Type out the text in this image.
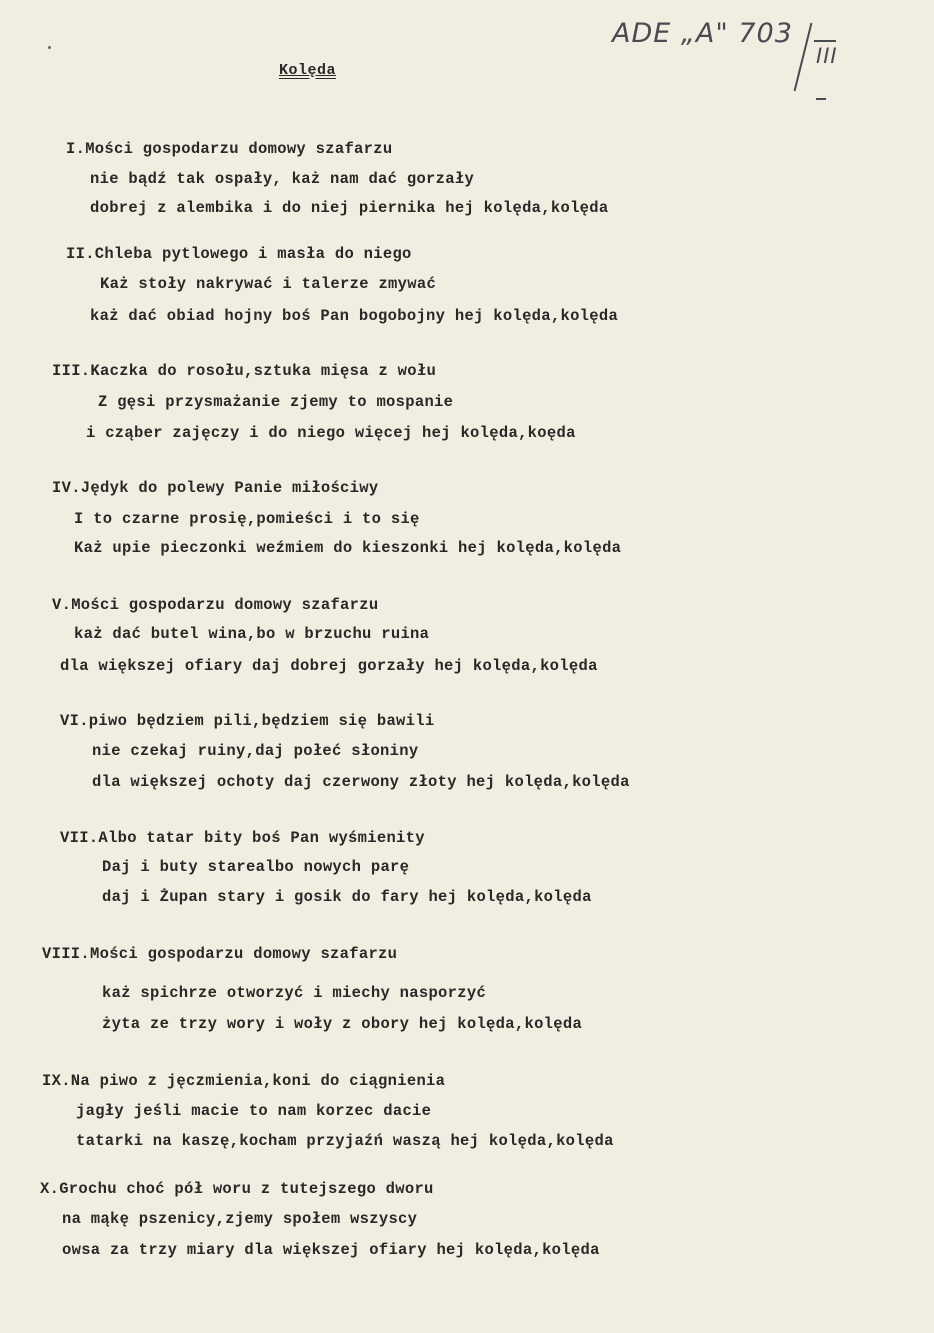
ADE „A" 703
III
Kolęda
I.Mości gospodarzu domowy szafarzu
nie bądź tak ospały, każ nam dać gorzały
dobrej z alembika i do niej piernika hej kolęda,kolęda
II.Chleba pytlowego i masła do niego
Każ stoły nakrywać i talerze zmywać
każ dać obiad hojny boś Pan bogobojny hej kolęda,kolęda
III.Kaczka do rosołu,sztuka mięsa z wołu
Z gęsi przysmażanie zjemy to mospanie
i cząber zajęczy i do niego więcej hej kolęda,koęda
IV.Jędyk do polewy Panie miłościwy
I to czarne prosię,pomieści i to się
Każ upie pieczonki weźmiem do kieszonki hej kolęda,kolęda
V.Mości gospodarzu domowy szafarzu
każ dać butel wina,bo w brzuchu ruina
dla większej ofiary daj dobrej gorzały hej kolęda,kolęda
VI.piwo będziem pili,będziem się bawili
nie czekaj ruiny,daj połeć słoniny
dla większej ochoty daj czerwony złoty hej kolęda,kolęda
VII.Albo tatar bity boś Pan wyśmienity
Daj i buty starealbo nowych parę
daj i Żupan stary i gosik do fary hej kolęda,kolęda
VIII.Mości gospodarzu domowy szafarzu
każ spichrze otworzyć i miechy nasporzyć
żyta ze trzy wory i woły z obory hej kolęda,kolęda
IX.Na piwo z jęczmienia,koni do ciągnienia
jagły jeśli macie to nam korzec dacie
tatarki na kaszę,kocham przyjaźń waszą hej kolęda,kolęda
X.Grochu choć pół woru z tutejszego dworu
na mąkę pszenicy,zjemy społem wszyscy
owsa za trzy miary dla większej ofiary hej kolęda,kolęda
